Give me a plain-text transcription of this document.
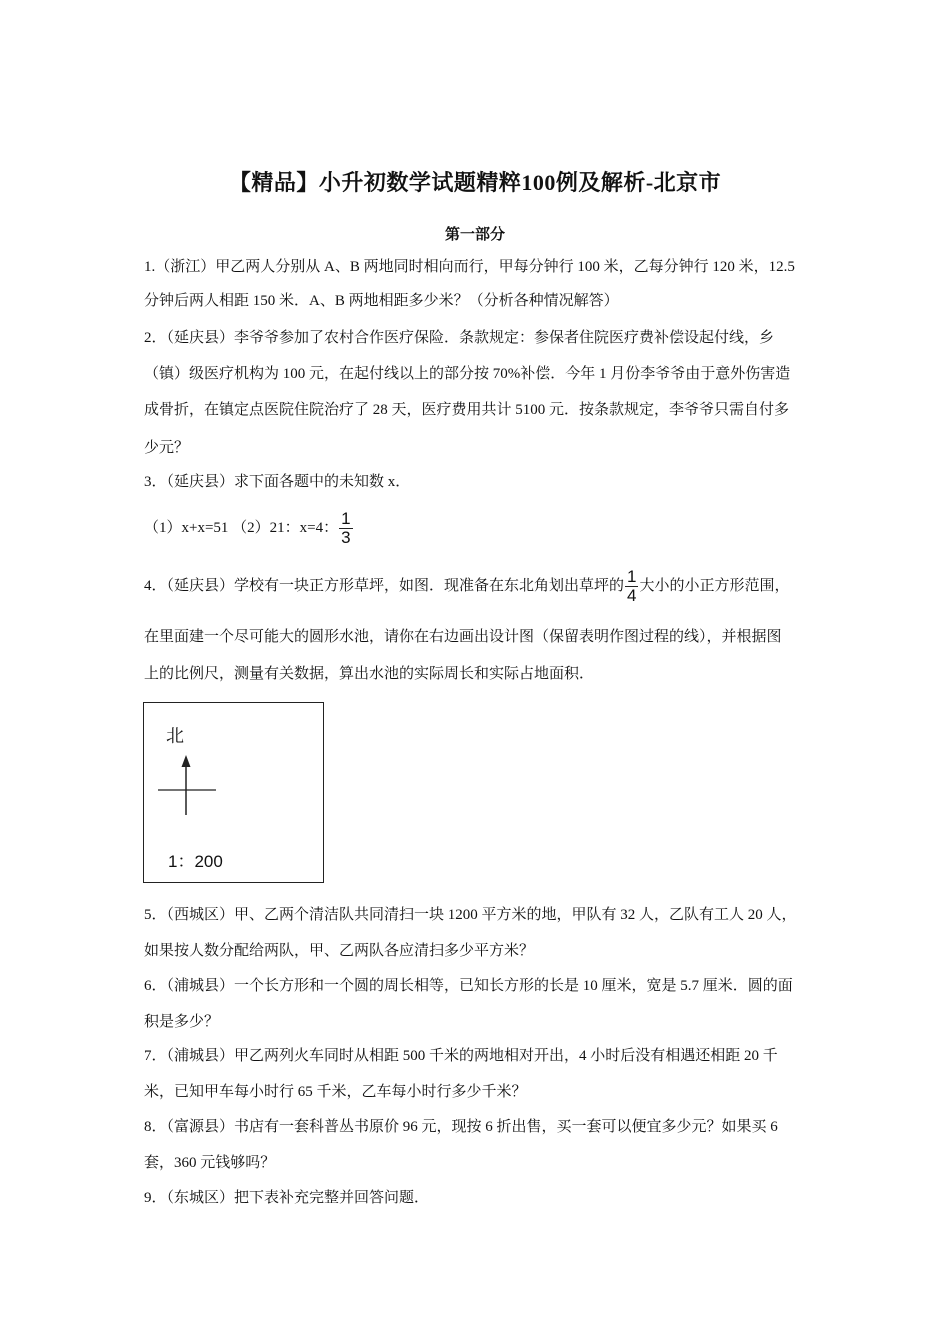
【精品】小升初数学试题精粹100例及解析-北京市
第一部分
1.（浙江）甲乙两人分别从 A、B 两地同时相向而行，甲每分钟行 100 米，乙每分钟行 120 米，12.5
分钟后两人相距 150 米．A、B 两地相距多少米？（分析各种情况解答）
2．（延庆县）李爷爷参加了农村合作医疗保险．条款规定：参保者住院医疗费补偿设起付线，乡
（镇）级医疗机构为 100 元，在起付线以上的部分按 70%补偿．今年 1 月份李爷爷由于意外伤害造
成骨折，在镇定点医院住院治疗了 28 天，医疗费用共计 5100 元．按条款规定，李爷爷只需自付多
少元？
3．（延庆县）求下面各题中的未知数 x．
（1）x+x=51 （2）21：x=4： $\frac{1}{3}$
4．（延庆县）学校有一块正方形草坪，如图．现准备在东北角划出草坪的 $\frac{1}{4}$ 大小的小正方形范围，
在里面建一个尽可能大的圆形水池，请你在右边画出设计图（保留表明作图过程的线），并根据图
上的比例尺，测量有关数据，算出水池的实际周长和实际占地面积．
北
1：200
5．（西城区）甲、乙两个清洁队共同清扫一块 1200 平方米的地，甲队有 32 人，乙队有工人 20 人，
如果按人数分配给两队，甲、乙两队各应清扫多少平方米？
6．（浦城县）一个长方形和一个圆的周长相等，已知长方形的长是 10 厘米，宽是 5.7 厘米．圆的面
积是多少？
7．（浦城县）甲乙两列火车同时从相距 500 千米的两地相对开出，4 小时后没有相遇还相距 20 千
米，已知甲车每小时行 65 千米，乙车每小时行多少千米？
8．（富源县）书店有一套科普丛书原价 96 元，现按 6 折出售，买一套可以便宜多少元？如果买 6
套，360 元钱够吗？
9．（东城区）把下表补充完整并回答问题．
